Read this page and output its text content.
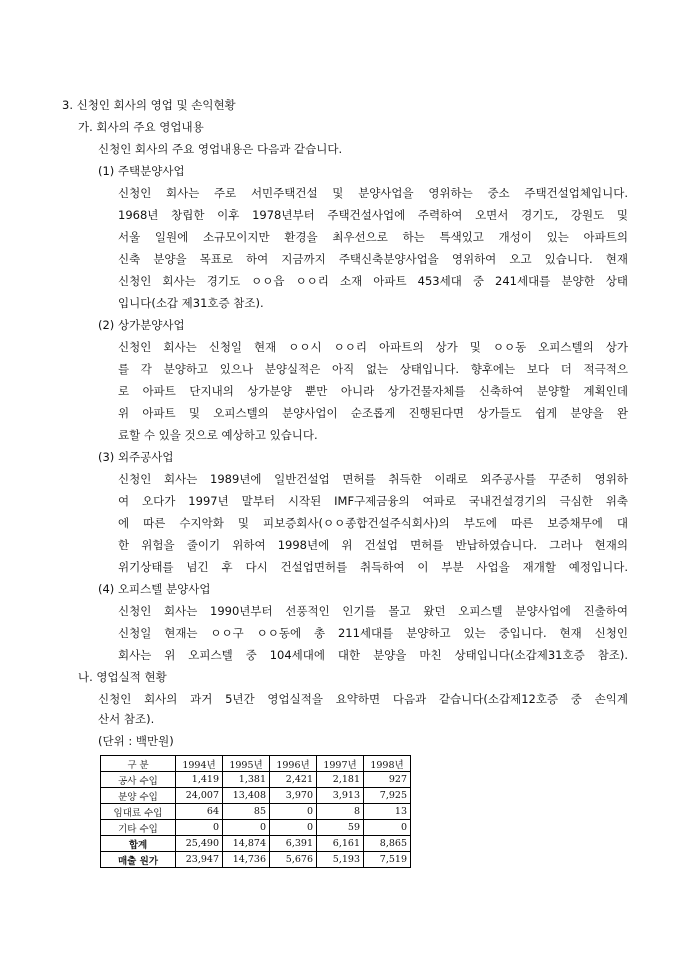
3. 신청인 회사의 영업 및 손익현황
가. 회사의 주요 영업내용
신청인 회사의 주요 영업내용은 다음과 같습니다.
(1) 주택분양사업
신청인 회사는 주로 서민주택건설 및 분양사업을 영위하는 중소 주택건설업체입니다.
1968년 창립한 이후 1978년부터 주택건설사업에 주력하여 오면서 경기도, 강원도 및
서울 일원에 소규모이지만 환경을 최우선으로 하는 특색있고 개성이 있는 아파트의
신축 분양을 목표로 하여 지금까지 주택신축분양사업을 영위하여 오고 있습니다. 현재
신청인 회사는 경기도 ㅇㅇ읍 ㅇㅇ리 소재 아파트 453세대 중 241세대를 분양한 상태
입니다(소갑 제31호증 참조).
(2) 상가분양사업
신청인 회사는 신청일 현재 ㅇㅇ시 ㅇㅇ리 아파트의 상가 및 ㅇㅇ동 오피스텔의 상가
를 각 분양하고 있으나 분양실적은 아직 없는 상태입니다. 향후에는 보다 더 적극적으
로 아파트 단지내의 상가분양 뿐만 아니라 상가건물자체를 신축하여 분양할 계획인데
위 아파트 및 오피스텔의 분양사업이 순조롭게 진행된다면 상가들도 쉽게 분양을 완
료할 수 있을 것으로 예상하고 있습니다.
(3) 외주공사업
신청인 회사는 1989년에 일반건설업 면허를 취득한 이래로 외주공사를 꾸준히 영위하
여 오다가 1997년 말부터 시작된 IMF구제금융의 여파로 국내건설경기의 극심한 위축
에 따른 수지악화 및 피보증회사(ㅇㅇ종합건설주식회사)의 부도에 따른 보증채무에 대
한 위험을 줄이기 위하여 1998년에 위 건설업 면허를 반납하였습니다. 그러나 현재의
위기상태를 넘긴 후 다시 건설업면허를 취득하여 이 부분 사업을 재개할 예정입니다.
(4) 오피스텔 분양사업
신청인 회사는 1990년부터 선풍적인 인기를 몰고 왔던 오피스텔 분양사업에 진출하여
신청일 현재는 ㅇㅇ구 ㅇㅇ동에 총 211세대를 분양하고 있는 중입니다. 현재 신청인
회사는 위 오피스텔 중 104세대에 대한 분양을 마친 상태입니다(소갑제31호증 참조).
나. 영업실적 현황
신청인 회사의 과거 5년간 영업실적을 요약하면 다음과 같습니다(소갑제12호증 중 손익계
산서 참조).
(단위 : 백만원)
구 분	1994년	1995년	1996년	1997년	1998년
공사 수입	1,419	1,381	2,421	2,181	927
분양 수입	24,007	13,408	3,970	3,913	7,925
임대료 수입	64	85	0	8	13
기타 수입	0	0	0	59	0
합계	25,490	14,874	6,391	6,161	8,865
매출 원가	23,947	14,736	5,676	5,193	7,519
